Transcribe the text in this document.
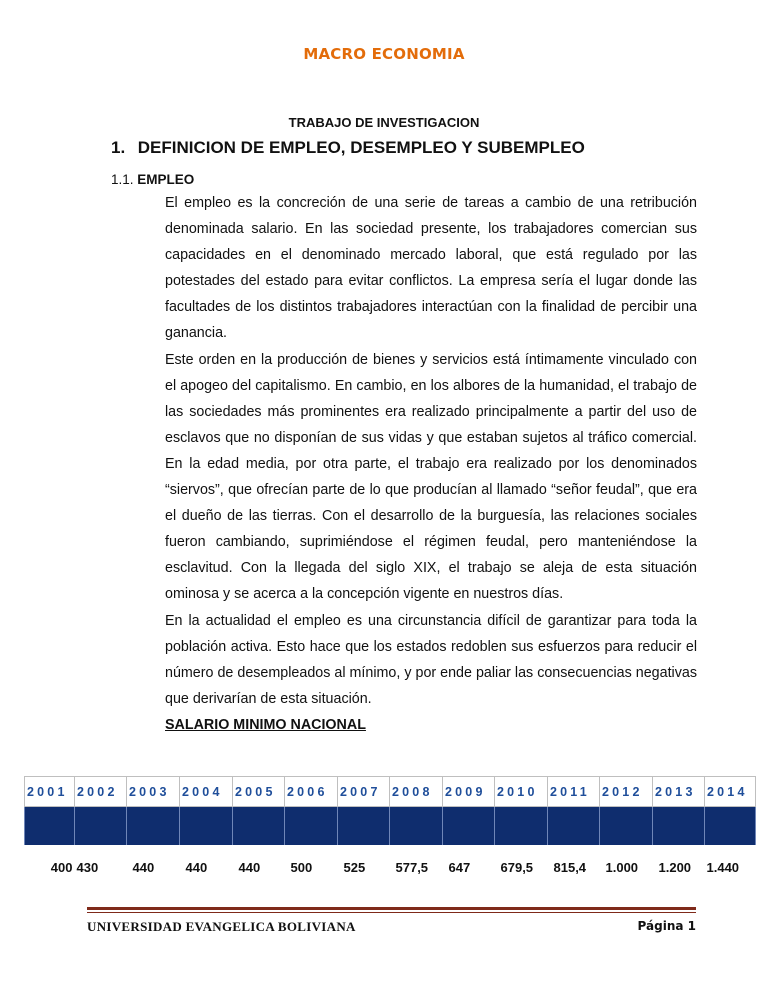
MACRO ECONOMIA
TRABAJO DE INVESTIGACION
1. DEFINICION DE EMPLEO, DESEMPLEO Y SUBEMPLEO
1.1. EMPLEO

El empleo es la concreción de una serie de tareas a cambio de una retribución denominada salario. En las sociedad presente, los trabajadores comercian sus capacidades en el denominado mercado laboral, que está regulado por las potestades del estado para evitar conflictos. La empresa sería el lugar donde las facultades de los distintos trabajadores interactúan con la finalidad de percibir una ganancia.

Este orden en la producción de bienes y servicios está íntimamente vinculado con el apogeo del capitalismo. En cambio, en los albores de la humanidad, el trabajo de las sociedades más prominentes era realizado principalmente a partir del uso de esclavos que no disponían de sus vidas y que estaban sujetos al tráfico comercial. En la edad media, por otra parte, el trabajo era realizado por los denominados “siervos”, que ofrecían parte de lo que producían al llamado “señor feudal”, que era el dueño de las tierras. Con el desarrollo de la burguesía, las relaciones sociales fueron cambiando, suprimiéndose el régimen feudal, pero manteniéndose la esclavitud. Con la llegada del siglo XIX, el trabajo se aleja de esta situación ominosa y se acerca a la concepción vigente en nuestros días.

En la actualidad el empleo es una circunstancia difícil de garantizar para toda la población activa. Esto hace que los estados redoblen sus esfuerzos para reducir el número de desempleados al mínimo, y por ende paliar las consecuencias negativas que derivarían de esta situación.

SALARIO MINIMO NACIONAL
2001	2002	2003	2004	2005	2006	2007	2008	2009	2010	2011	2012	2013	2014

400	430	440	440	440	500	525	577,5	647	679,5	815,4	1.000	1.200	1.440
UNIVERSIDAD EVANGELICA BOLIVIANA	Página 1
